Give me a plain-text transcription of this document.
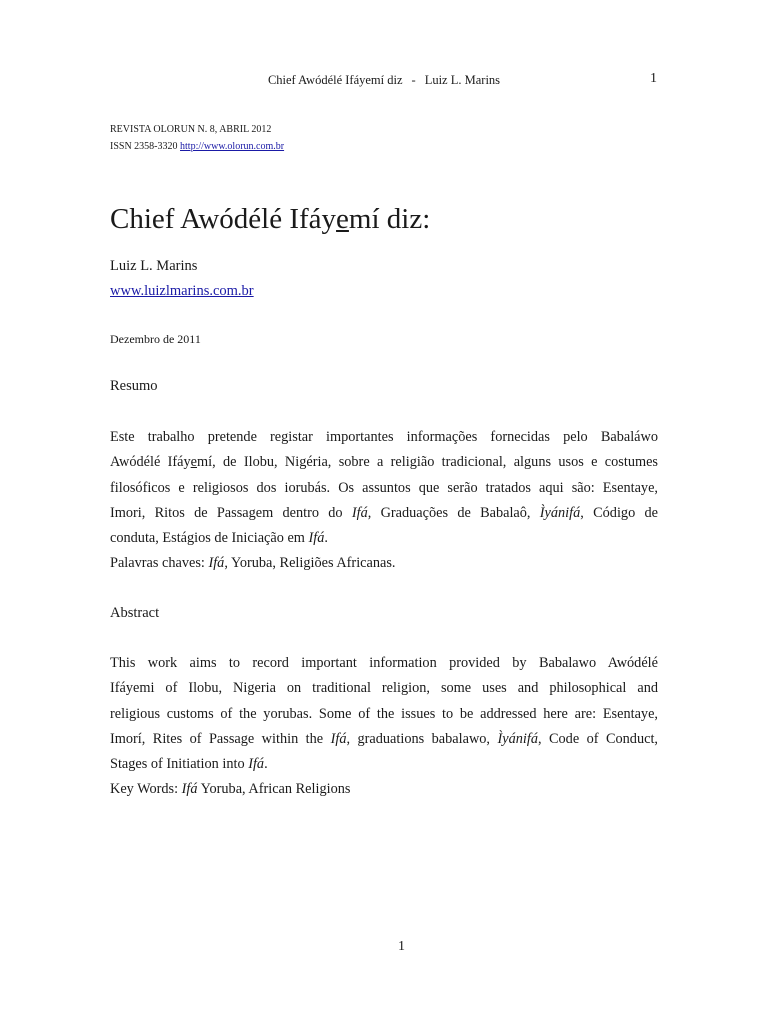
Chief Awódélé Ifáyemí diz - Luiz L. Marins	1
REVISTA OLORUN N. 8, ABRIL 2012
ISSN 2358-3320 http://www.olorun.com.br
Chief Awódélé Ifáyemí diz:
Luiz L. Marins
www.luizlmarins.com.br
Dezembro de 2011
Resumo
Este trabalho pretende registar importantes informações fornecidas pelo Babaláwo
Awódélé Ifáyemí, de Ilobu, Nigéria, sobre a religião tradicional, alguns usos e costumes
filosóficos e religiosos dos iorubás. Os assuntos que serão tratados aqui são: Esentaye,
Imori, Ritos de Passagem dentro do Ifá, Graduações de Babalaô, Ìyánifá, Código de
conduta, Estágios de Iniciação em Ifá.
Palavras chaves: Ifá, Yoruba, Religiões Africanas.
Abstract
This work aims to record important information provided by Babalawo Awódélé
Ifáyemi of Ilobu, Nigeria on traditional religion, some uses and philosophical and
religious customs of the yorubas. Some of the issues to be addressed here are: Esentaye,
Imorí, Rites of Passage within the Ifá, graduations babalawo, Ìyánifá, Code of Conduct,
Stages of Initiation into Ifá.
Key Words: Ifá Yoruba, African Religions
1
